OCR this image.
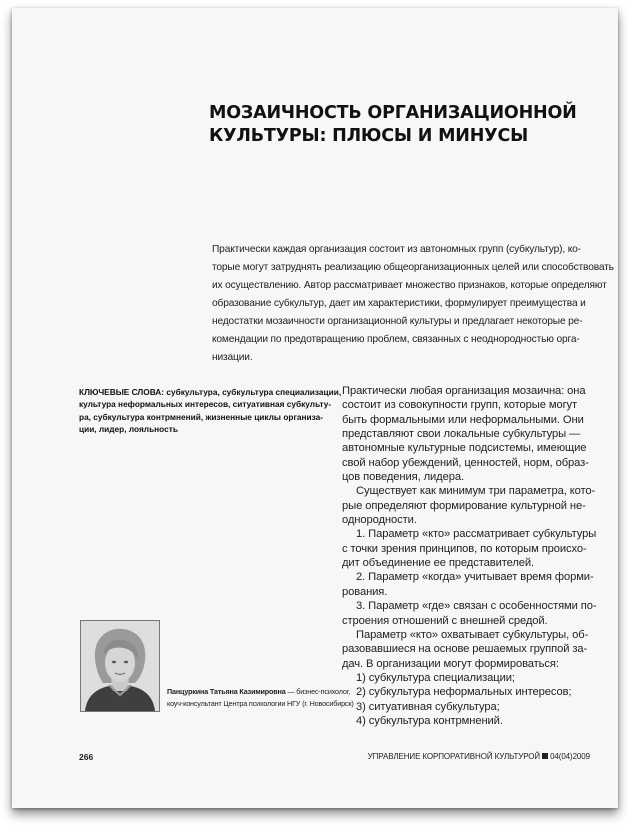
МОЗАИЧНОСТЬ ОРГАНИЗАЦИОННОЙ
КУЛЬТУРЫ: ПЛЮСЫ И МИНУСЫ
Практически каждая организация состоит из автономных групп (субкультур), ко-
торые могут затруднять реализацию общеорганизационных целей или способствовать
их осуществлению. Автор рассматривает множество признаков, которые определяют
образование субкультур, дает им характеристики, формулирует преимущества и
недостатки мозаичности организационной культуры и предлагает некоторые ре-
комендации по предотвращению проблем, связанных с неоднородностью орга-
низации.
КЛЮЧЕВЫЕ СЛОВА: субкультура, субкультура специализации,
культура неформальных интересов, ситуативная субкульту-
ра, субкультура контрмнений, жизненные циклы организа-
ции, лидер, лояльность
Практически любая организация мозаична: она
состоит из совокупности групп, которые могут
быть формальными или неформальными. Они
представляют свои локальные субкультуры —
автономные культурные подсистемы, имеющие
свой набор убеждений, ценностей, норм, образ-
цов поведения, лидера.
Существует как минимум три параметра, кото-
рые определяют формирование культурной не-
однородности.
1. Параметр «кто» рассматривает субкультуры
с точки зрения принципов, по которым происхо-
дит объединение ее представителей.
2. Параметр «когда» учитывает время форми-
рования.
3. Параметр «где» связан с особенностями по-
строения отношений с внешней средой.
Параметр «кто» охватывает субкультуры, об-
разовавшиеся на основе решаемых группой за-
дач. В организации могут формироваться:
1) субкультура специализации;
2) субкультура неформальных интересов;
3) ситуативная субкультура;
4) субкультура контрмнений.
Панцуркина Татьяна Казимировна — бизнес-психолог,
коуч-консультант Центра психологии НГУ (г. Новосибирск)
266	УПРАВЛЕНИЕ КОРПОРАТИВНОЙ КУЛЬТУРОЙ 04(04)2009
